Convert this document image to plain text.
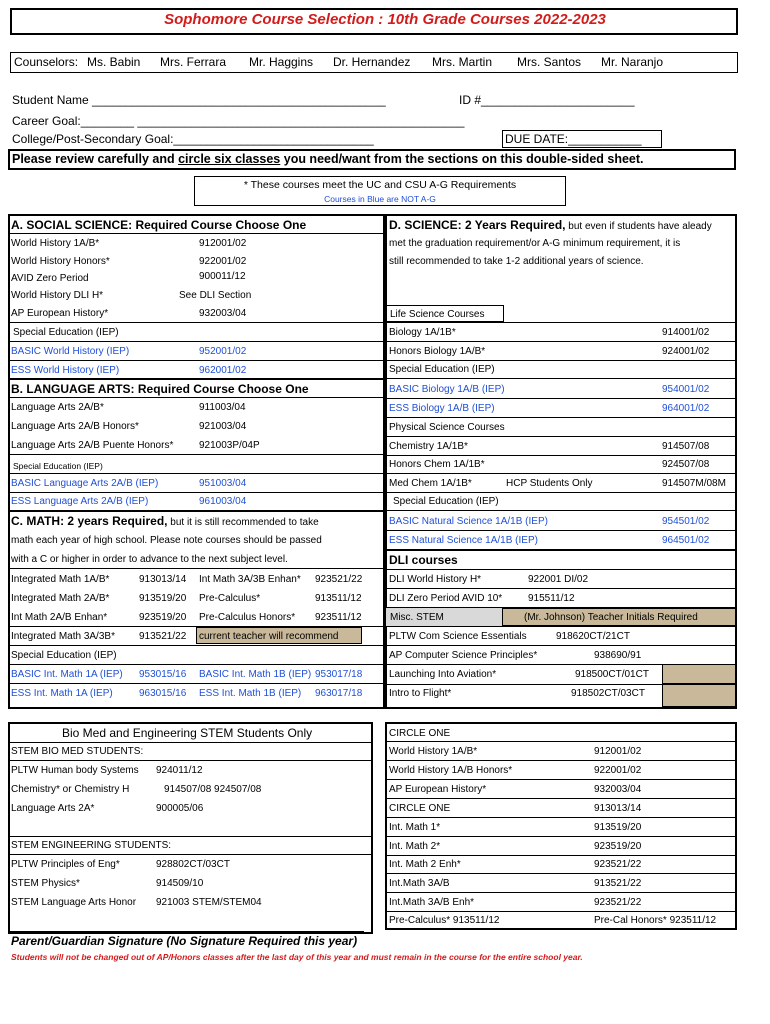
Sophomore Course Selection : 10th Grade Courses 2022-2023
Counselors: Ms. Babin Mrs. Ferrara Mr. Haggins Dr. Hernandez Mrs. Martin Mrs. Santos Mr. Naranjo
Student Name ____________________________________________	ID #_______________________
Career Goal:________ _________________________________________________
College/Post-Secondary Goal:______________________________	DUE DATE:___________
Please review carefully and circle six classes you need/want from the sections on this double-sided sheet.
* These courses meet the UC and CSU A-G Requirements
Courses in Blue are NOT A-G
A. SOCIAL SCIENCE: Required Course Choose One
World History 1A/B*	912001/02
World History Honors*	922001/02
AVID Zero Period	900011/12
World History DLI H*	See DLI Section
AP European History*	932003/04
Special Education (IEP)
BASIC World History (IEP)	952001/02
ESS World History (IEP)	962001/02
B. LANGUAGE ARTS: Required Course Choose One
Language Arts 2A/B*	911003/04
Language Arts 2A/B Honors*	921003/04
Language Arts 2A/B Puente Honors*	921003P/04P
Special Education (IEP)
BASIC Language Arts 2A/B (IEP)	951003/04
ESS Language Arts 2A/B (IEP)	961003/04
C. MATH: 2 years Required, but it is still recommended to take
math each year of high school. Please note courses should be passed
with a C or higher in order to advance to the next subject level.
Integrated Math 1A/B*	913013/14 Int Math 3A/3B Enhan* 923521/22
Integrated Math 2A/B*	913519/20 Pre-Calculus*	913511/12
Int Math 2A/B Enhan*	923519/20 Pre-Calculus Honors* 923511/12
Integrated Math 3A/3B* 913521/22 current teacher will recommend
Special Education (IEP)
BASIC Int. Math 1A (IEP) 953015/16 BASIC Int. Math 1B (IEP) 953017/18
ESS Int. Math 1A (IEP)	963015/16 ESS Int. Math 1B (IEP) 963017/18
D. SCIENCE: 2 Years Required, but even if students have aleady
met the graduation requirement/or A-G minimum requirement, it is
still recommended to take 1-2 additional years of science.
Life Science Courses
Biology 1A/1B*	914001/02
Honors Biology 1A/B*	924001/02
Special Education (IEP)
BASIC Biology 1A/B (IEP)	954001/02
ESS Biology 1A/B (IEP)	964001/02
Physical Science Courses
Chemistry 1A/1B*	914507/08
Honors Chem 1A/1B*	924507/08
Med Chem 1A/1B*	HCP Students Only	914507M/08M
Special Education (IEP)
BASIC Natural Science 1A/1B (IEP)	954501/02
ESS Natural Science 1A/1B (IEP)	964501/02
DLI courses
DLI World History H*	922001 DI/02
DLI Zero Period AVID 10*	915511/12
Misc. STEM	(Mr. Johnson) Teacher Initials Required
PLTW Com Science Essentials	918620CT/21CT
AP Computer Science Principles*	938690/91
Launching Into Aviation*	918500CT/01CT
Intro to Flight*	918502CT/03CT
Bio Med and Engineering STEM Students Only
STEM BIO MED STUDENTS:
PLTW Human body Systems 924011/12
Chemistry* or Chemistry H	914507/08 924507/08
Language Arts 2A*	900005/06
STEM ENGINEERING STUDENTS:
PLTW Principles of Eng*	928802CT/03CT
STEM Physics*	914509/10
STEM Language Arts Honor 921003 STEM/STEM04
CIRCLE ONE
World History 1A/B*	912001/02
World History 1A/B Honors*	922001/02
AP European History*	932003/04
CIRCLE ONE	913013/14
Int. Math 1*	913519/20
Int. Math 2*	923519/20
Int. Math 2 Enh*	923521/22
Int.Math 3A/B	913521/22
Int.Math 3A/B Enh*	923521/22
Pre-Calculus* 913511/12	Pre-Cal Honors* 923511/12
Parent/Guardian Signature (No Signature Required this year)
Students will not be changed out of AP/Honors classes after the last day of this year and must remain in the course for the entire school year.
